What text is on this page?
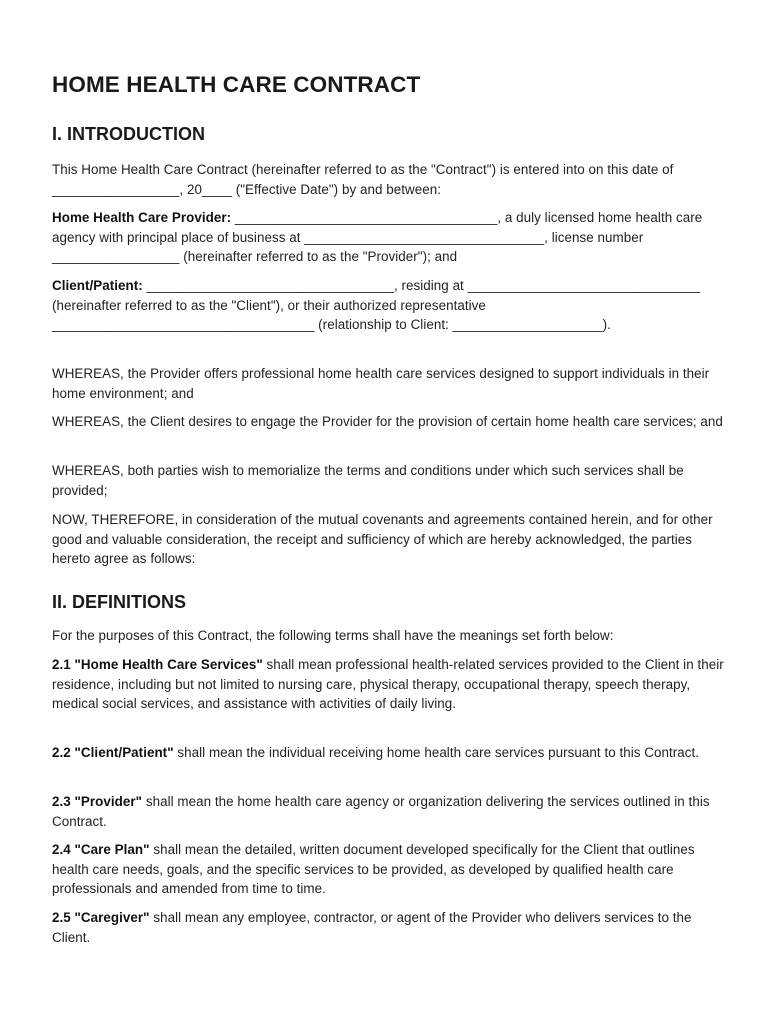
HOME HEALTH CARE CONTRACT
I. INTRODUCTION

This Home Health Care Contract (hereinafter referred to as the "Contract") is entered into on this date of _________________, 20____ ("Effective Date") by and between:

Home Health Care Provider: ___________________________________, a duly licensed home health care agency with principal place of business at ________________________________, license number _________________ (hereinafter referred to as the "Provider"); and

Client/Patient: _________________________________, residing at _______________________________ (hereinafter referred to as the "Client"), or their authorized representative ___________________________________ (relationship to Client: ____________________).

WHEREAS, the Provider offers professional home health care services designed to support individuals in their home environment; and

WHEREAS, the Client desires to engage the Provider for the provision of certain home health care services; and

WHEREAS, both parties wish to memorialize the terms and conditions under which such services shall be provided;

NOW, THEREFORE, in consideration of the mutual covenants and agreements contained herein, and for other good and valuable consideration, the receipt and sufficiency of which are hereby acknowledged, the parties hereto agree as follows:

II. DEFINITIONS

For the purposes of this Contract, the following terms shall have the meanings set forth below:

2.1 "Home Health Care Services" shall mean professional health-related services provided to the Client in their residence, including but not limited to nursing care, physical therapy, occupational therapy, speech therapy, medical social services, and assistance with activities of daily living.

2.2 "Client/Patient" shall mean the individual receiving home health care services pursuant to this Contract.

2.3 "Provider" shall mean the home health care agency or organization delivering the services outlined in this Contract.

2.4 "Care Plan" shall mean the detailed, written document developed specifically for the Client that outlines health care needs, goals, and the specific services to be provided, as developed by qualified health care professionals and amended from time to time.

2.5 "Caregiver" shall mean any employee, contractor, or agent of the Provider who delivers services to the Client.
